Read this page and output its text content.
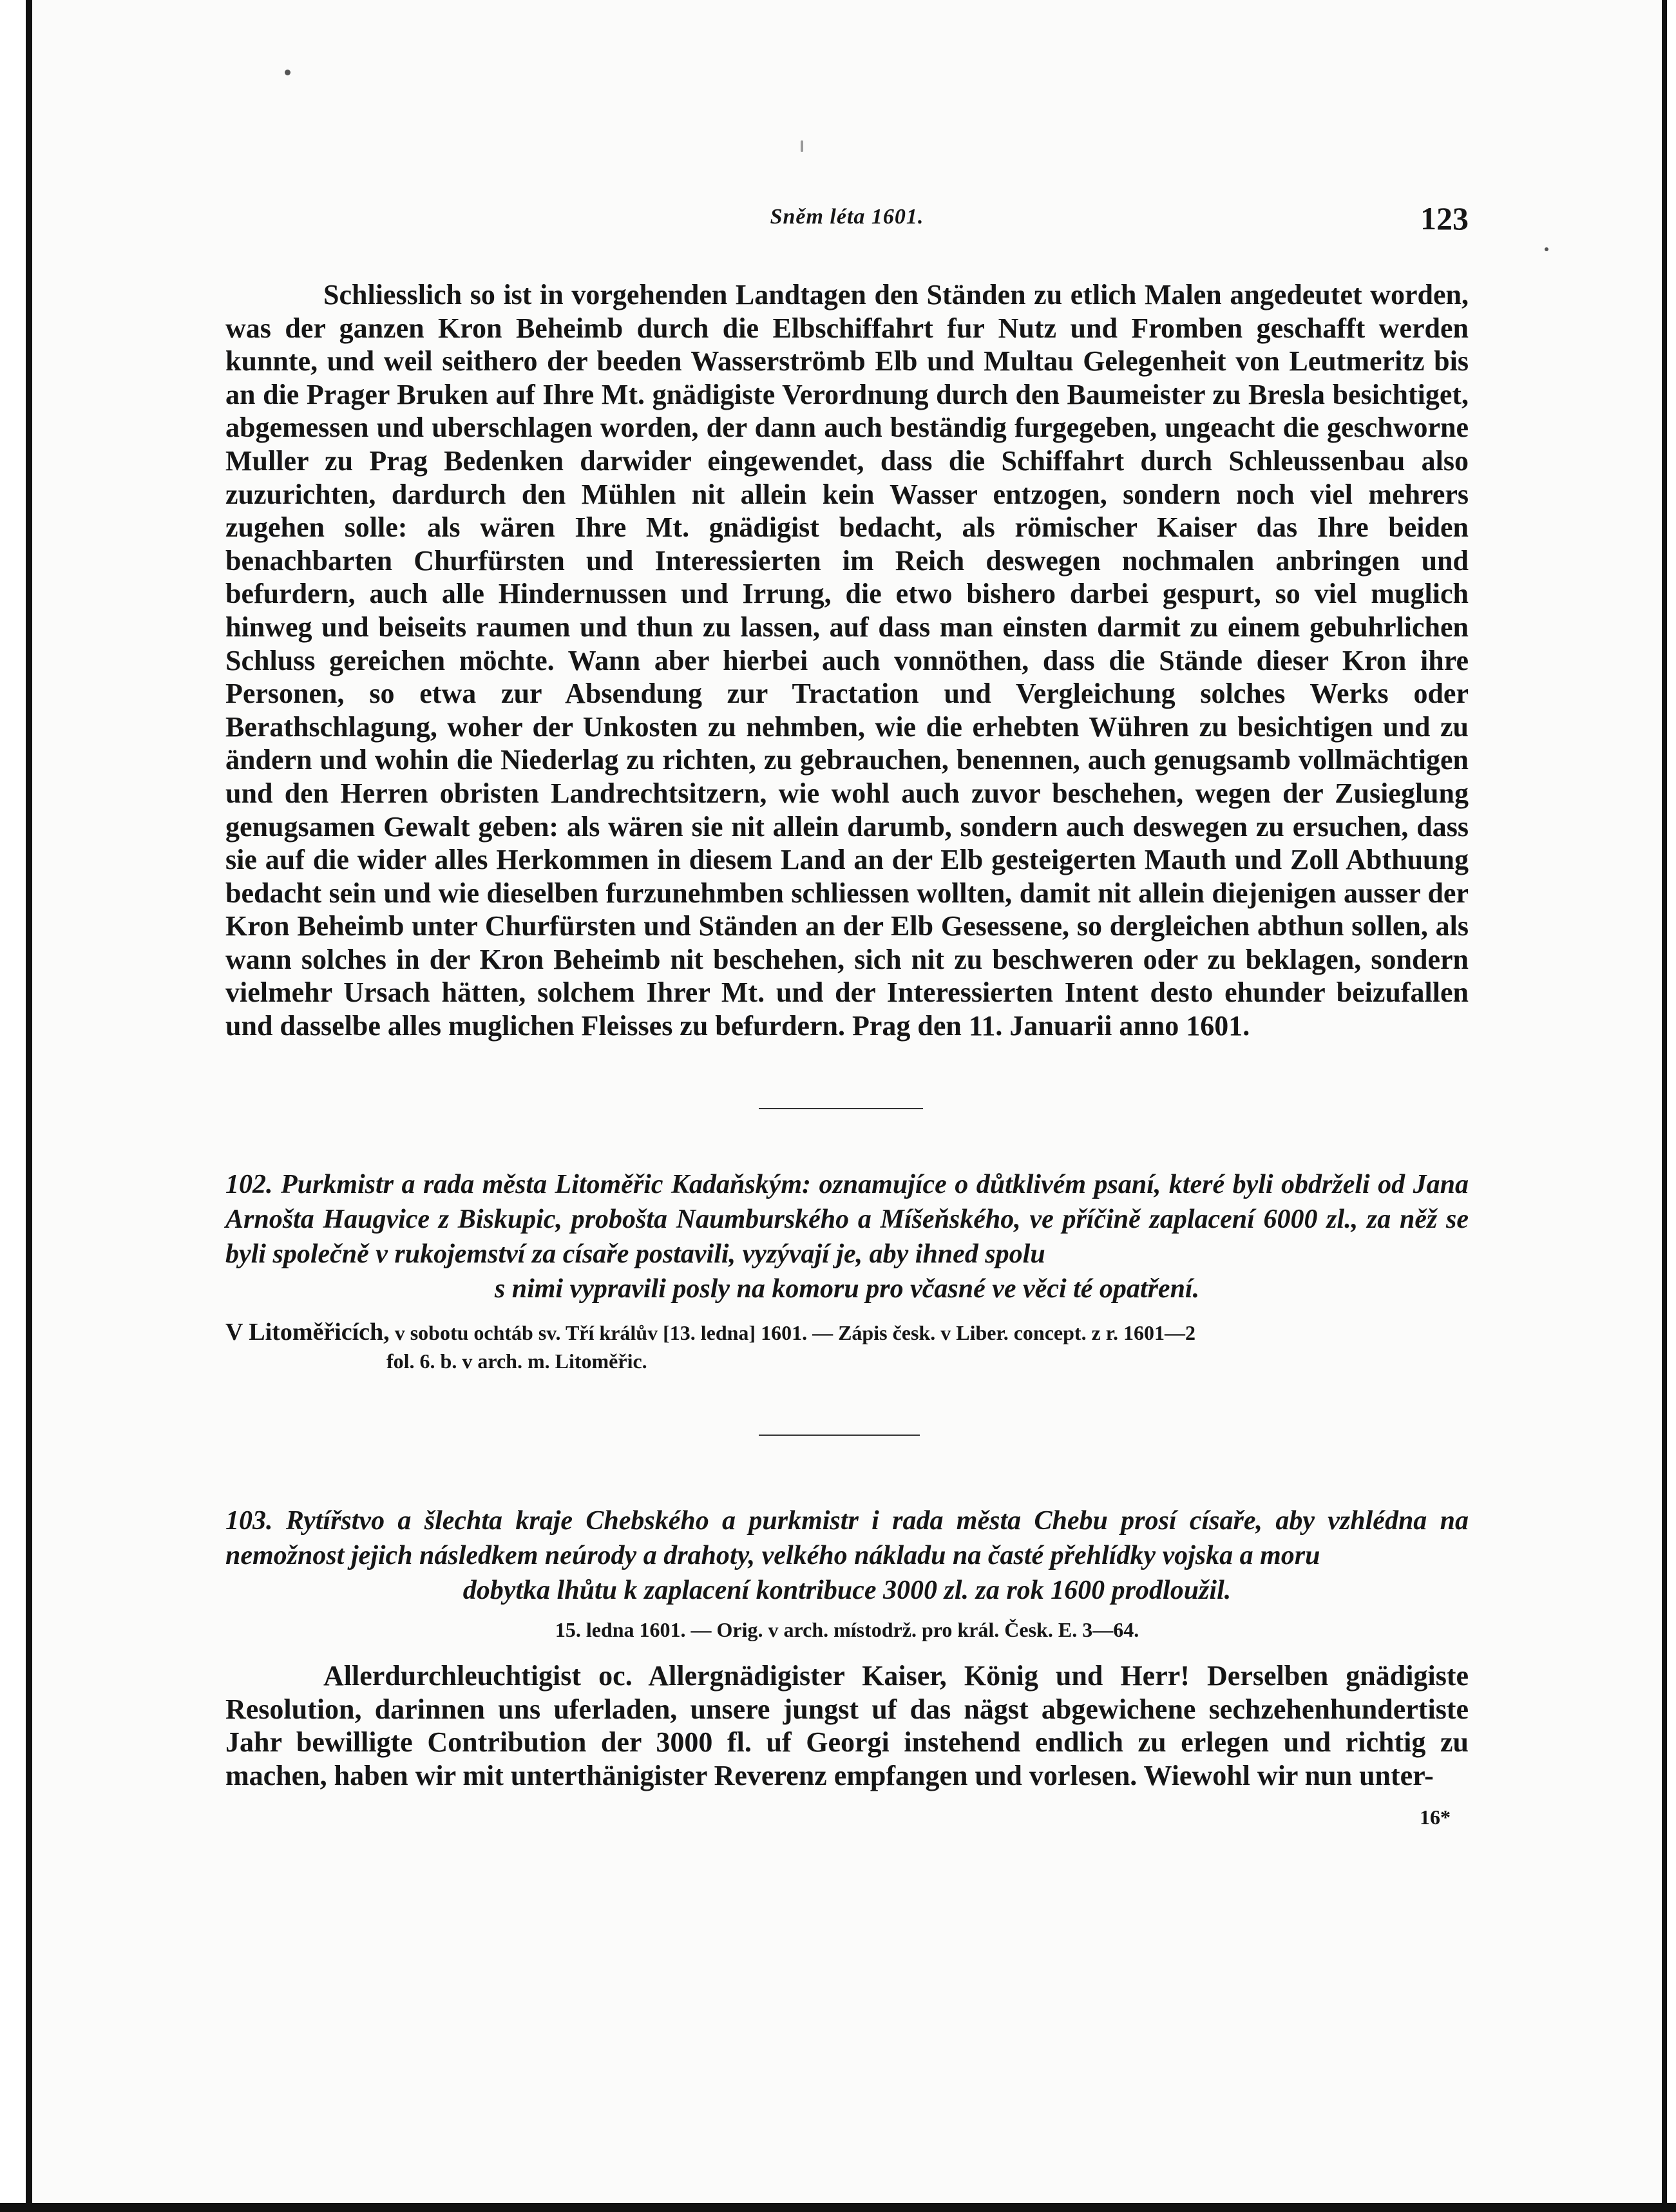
Sněm léta 1601.	123

Schliesslich so ist in vorgehenden Landtagen den Ständen zu etlich Malen angedeutet worden, was der ganzen Kron Beheimb durch die Elbschiffahrt fur Nutz und Fromben geschafft werden kunnte, und weil seithero der beeden Wasserströmb Elb und Multau Gelegenheit von Leutmeritz bis an die Prager Bruken auf Ihre Mt. gnädigiste Verordnung durch den Baumeister zu Bresla besichtiget, abgemessen und uberschlagen worden, der dann auch beständig furgegeben, ungeacht die geschworne Muller zu Prag Bedenken darwider eingewendet, dass die Schiffahrt durch Schleussenbau also zuzurichten, dardurch den Mühlen nit allein kein Wasser entzogen, sondern noch viel mehrers zugehen solle: als wären Ihre Mt. gnädigist bedacht, als römischer Kaiser das Ihre beiden benachbarten Churfürsten und Interessierten im Reich deswegen nochmalen anbringen und befurdern, auch alle Hindernussen und Irrung, die etwo bishero darbei gespurt, so viel muglich hinweg und beiseits raumen und thun zu lassen, auf dass man einsten darmit zu einem gebuhrlichen Schluss gereichen möchte. Wann aber hierbei auch vonnöthen, dass die Stände dieser Kron ihre Personen, so etwa zur Absendung zur Tractation und Vergleichung solches Werks oder Berathschlagung, woher der Unkosten zu nehmben, wie die erhebten Wühren zu besichtigen und zu ändern und wohin die Niederlag zu richten, zu gebrauchen, benennen, auch genugsamb vollmächtigen und den Herren obristen Landrechtsitzern, wie wohl auch zuvor beschehen, wegen der Zusieglung genugsamen Gewalt geben: als wären sie nit allein darumb, sondern auch deswegen zu ersuchen, dass sie auf die wider alles Herkommen in diesem Land an der Elb gesteigerten Mauth und Zoll Abthuung bedacht sein und wie dieselben furzunehmben schliessen wollten, damit nit allein diejenigen ausser der Kron Beheimb unter Churfürsten und Ständen an der Elb Gesessene, so dergleichen abthun sollen, als wann solches in der Kron Beheimb nit beschehen, sich nit zu beschweren oder zu beklagen, sondern vielmehr Ursach hätten, solchem Ihrer Mt. und der Interessierten Intent desto ehunder beizufallen und dasselbe alles muglichen Fleisses zu befurdern. Prag den 11. Januarii anno 1601.

102. Purkmistr a rada města Litoměřic Kadaňským: oznamujíce o důtklivém psaní, které byli obdrželi od Jana Arnošta Haugvice z Biskupic, probošta Naumburského a Míšeňského, ve příčině zaplacení 6000 zl., za něž se byli společně v rukojemství za císaře postavili, vyzývají je, aby ihned spolu
s nimi vypravili posly na komoru pro včasné ve věci té opatření.

V Litoměřicích, v sobotu ochtáb sv. Tří králův [13. ledna] 1601. — Zápis česk. v Liber. concept. z r. 1601—2

fol. 6. b. v arch. m. Litoměřic.

103. Rytířstvo a šlechta kraje Chebského a purkmistr i rada města Chebu prosí císaře, aby vzhlédna na nemožnost jejich následkem neúrody a drahoty, velkého nákladu na časté přehlídky vojska a moru
dobytka lhůtu k zaplacení kontribuce 3000 zl. za rok 1600 prodloužil.

15. ledna 1601. — Orig. v arch. místodrž. pro král. Česk. E. 3—64.

Allerdurchleuchtigist oc. Allergnädigister Kaiser, König und Herr! Derselben gnädigiste Resolution, darinnen uns uferladen, unsere jungst uf das nägst abgewichene sechzehenhundertiste Jahr bewilligte Contribution der 3000 fl. uf Georgi instehend endlich zu erlegen und richtig zu machen, haben wir mit unterthänigister Reverenz empfangen und vorlesen. Wiewohl wir nun unter-

16*
